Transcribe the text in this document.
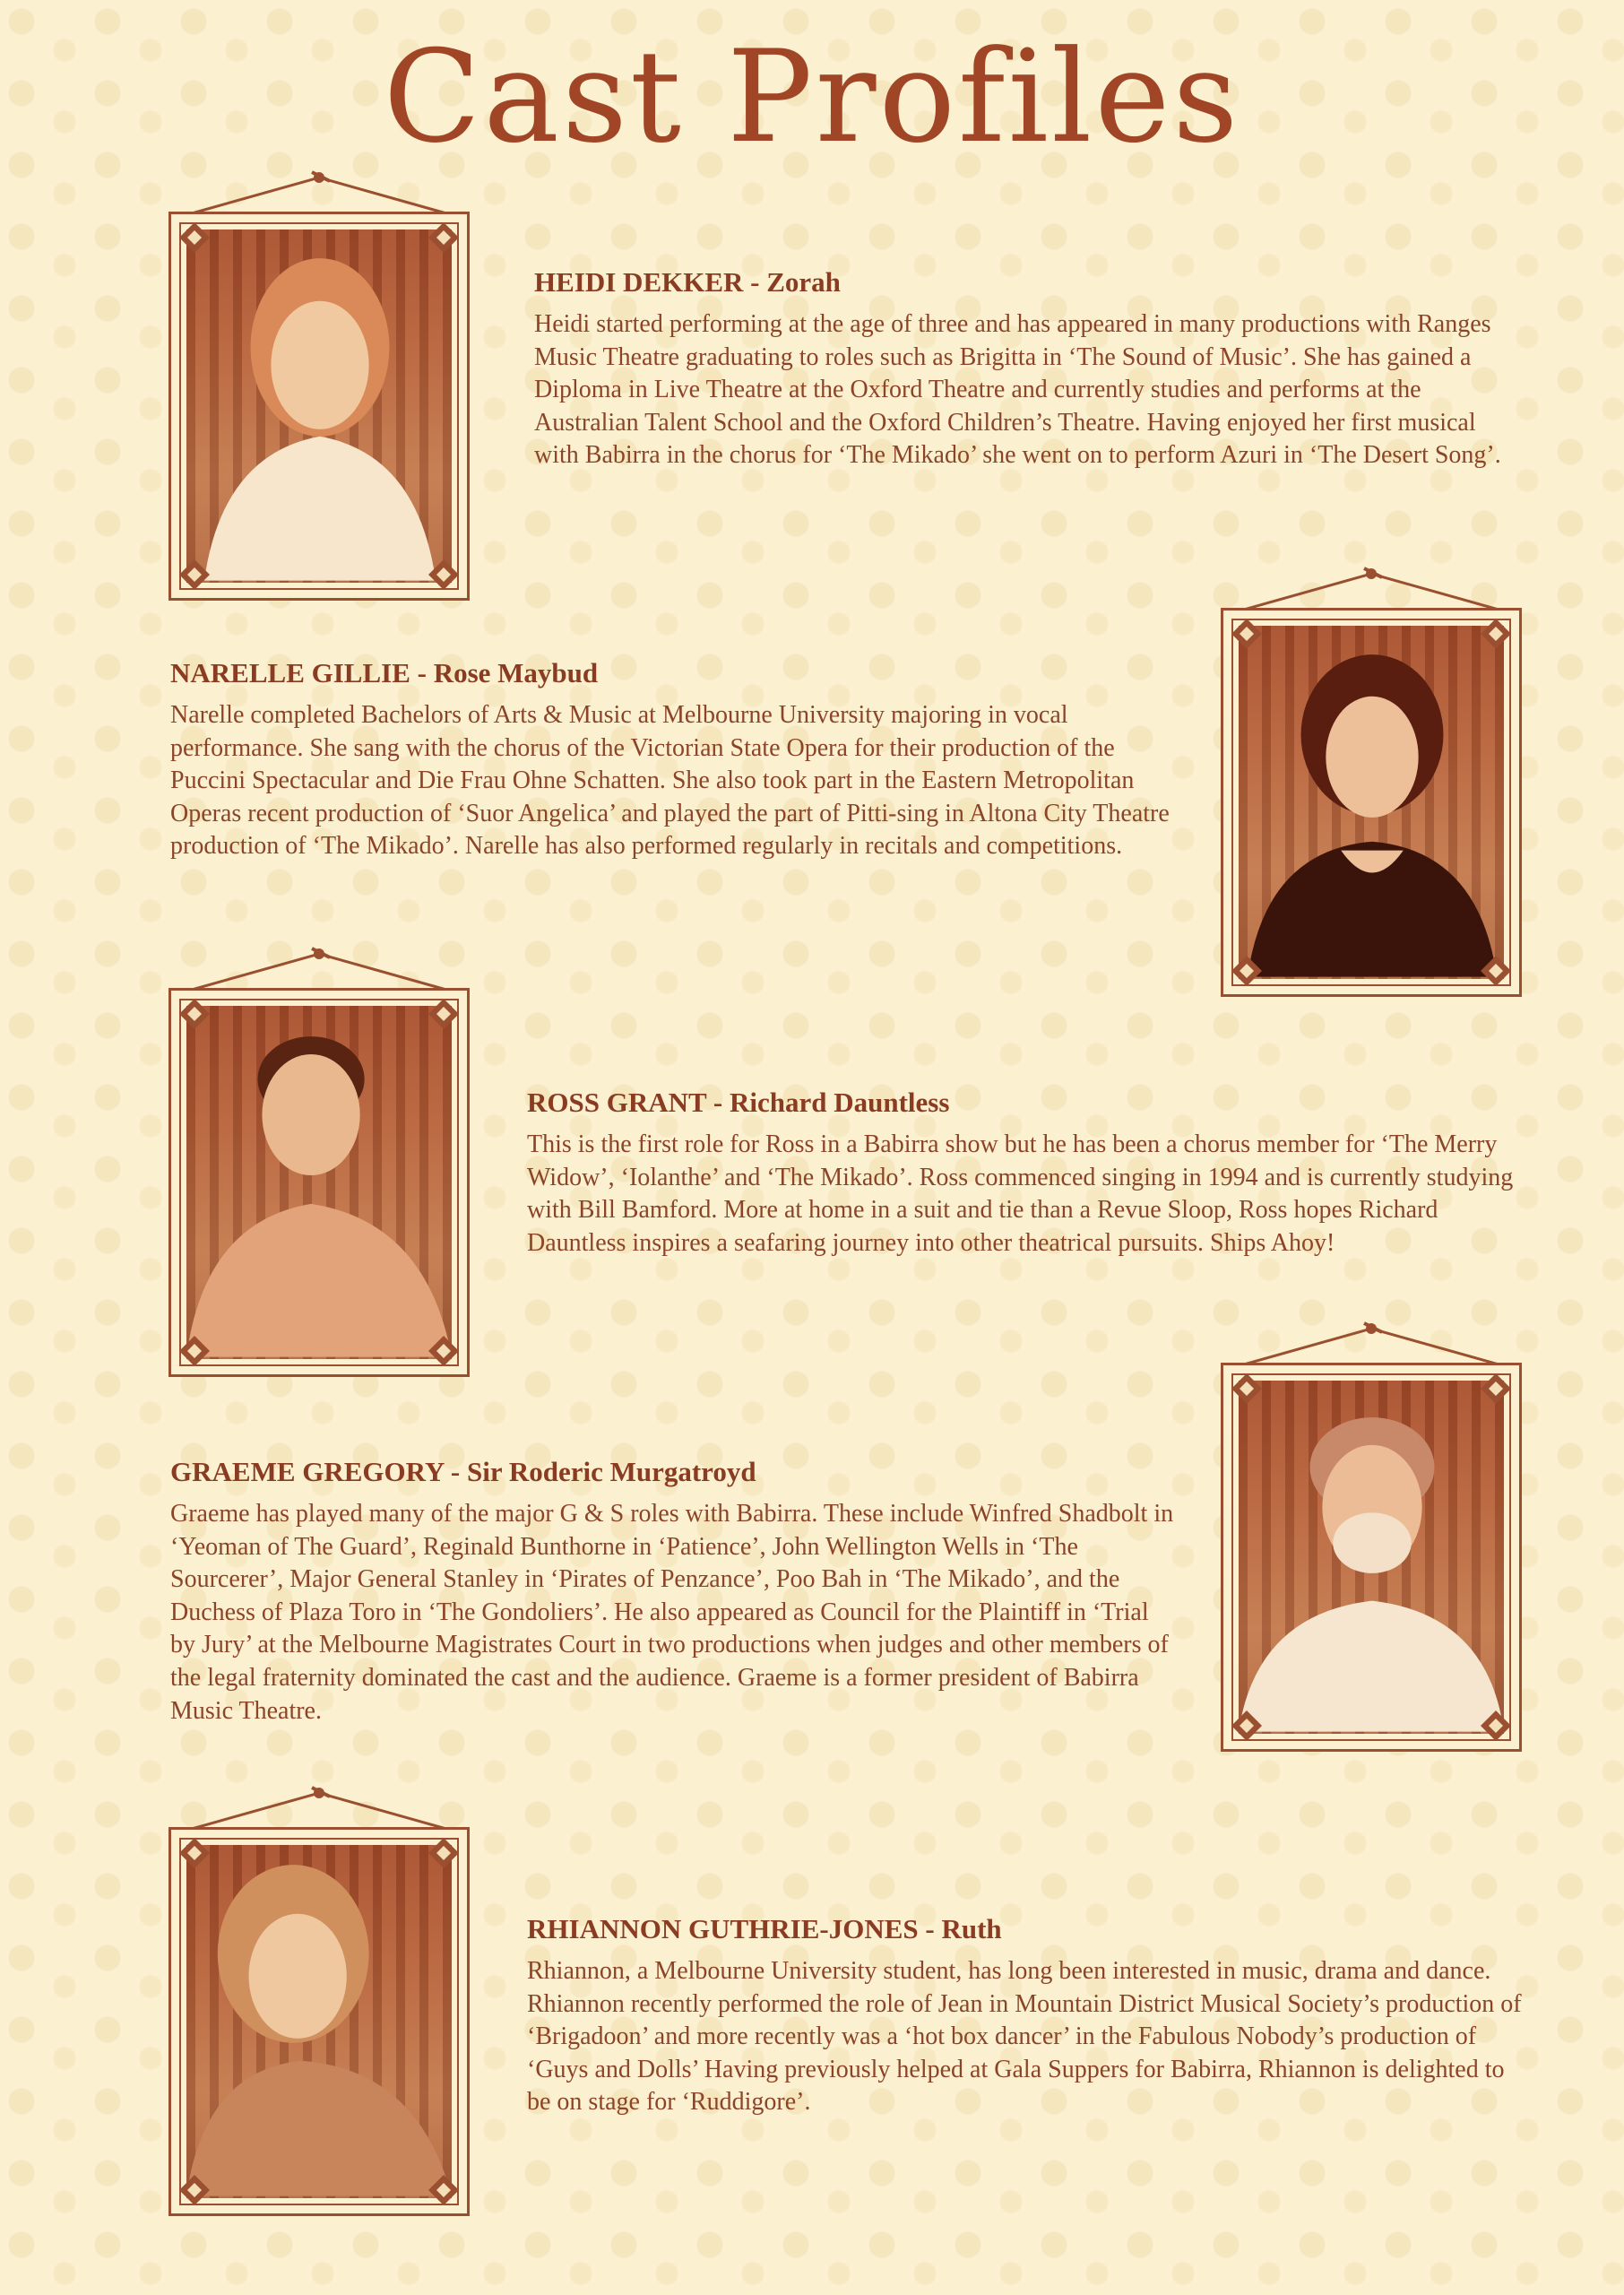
Cast Profiles

HEIDI DEKKER - Zorah

Heidi started performing at the age of three and has appeared in many productions with Ranges Music Theatre graduating to roles such as Brigitta in ‘The Sound of Music’. She has gained a Diploma in Live Theatre at the Oxford Theatre and currently studies and performs at the Australian Talent School and the Oxford Children’s Theatre. Having enjoyed her first musical with Babirra in the chorus for ‘The Mikado’ she went on to perform Azuri in ‘The Desert Song’.

NARELLE GILLIE - Rose Maybud

Narelle completed Bachelors of Arts & Music at Melbourne University majoring in vocal performance. She sang with the chorus of the Victorian State Opera for their production of the Puccini Spectacular and Die Frau Ohne Schatten. She also took part in the Eastern Metropolitan Operas recent production of ‘Suor Angelica’ and played the part of Pitti-sing in Altona City Theatre production of ‘The Mikado’. Narelle has also performed regularly in recitals and competitions.

ROSS GRANT - Richard Dauntless

This is the first role for Ross in a Babirra show but he has been a chorus member for ‘The Merry Widow’, ‘Iolanthe’ and ‘The Mikado’. Ross commenced singing in 1994 and is currently studying with Bill Bamford. More at home in a suit and tie than a Revue Sloop, Ross hopes Richard Dauntless inspires a seafaring journey into other theatrical pursuits. Ships Ahoy!

GRAEME GREGORY - Sir Roderic Murgatroyd

Graeme has played many of the major G & S roles with Babirra. These include Winfred Shadbolt in ‘Yeoman of The Guard’, Reginald Bunthorne in ‘Patience’, John Wellington Wells in ‘The Sourcerer’, Major General Stanley in ‘Pirates of Penzance’, Poo Bah in ‘The Mikado’, and the Duchess of Plaza Toro in ‘The Gondoliers’. He also appeared as Council for the Plaintiff in ‘Trial by Jury’ at the Melbourne Magistrates Court in two productions when judges and other members of the legal fraternity dominated the cast and the audience. Graeme is a former president of Babirra Music Theatre.

RHIANNON GUTHRIE-JONES - Ruth

Rhiannon, a Melbourne University student, has long been interested in music, drama and dance. Rhiannon recently performed the role of Jean in Mountain District Musical Society’s production of ‘Brigadoon’ and more recently was a ‘hot box dancer’ in the Fabulous Nobody’s production of ‘Guys and Dolls’ Having previously helped at Gala Suppers for Babirra, Rhiannon is delighted to be on stage for ‘Ruddigore’.
